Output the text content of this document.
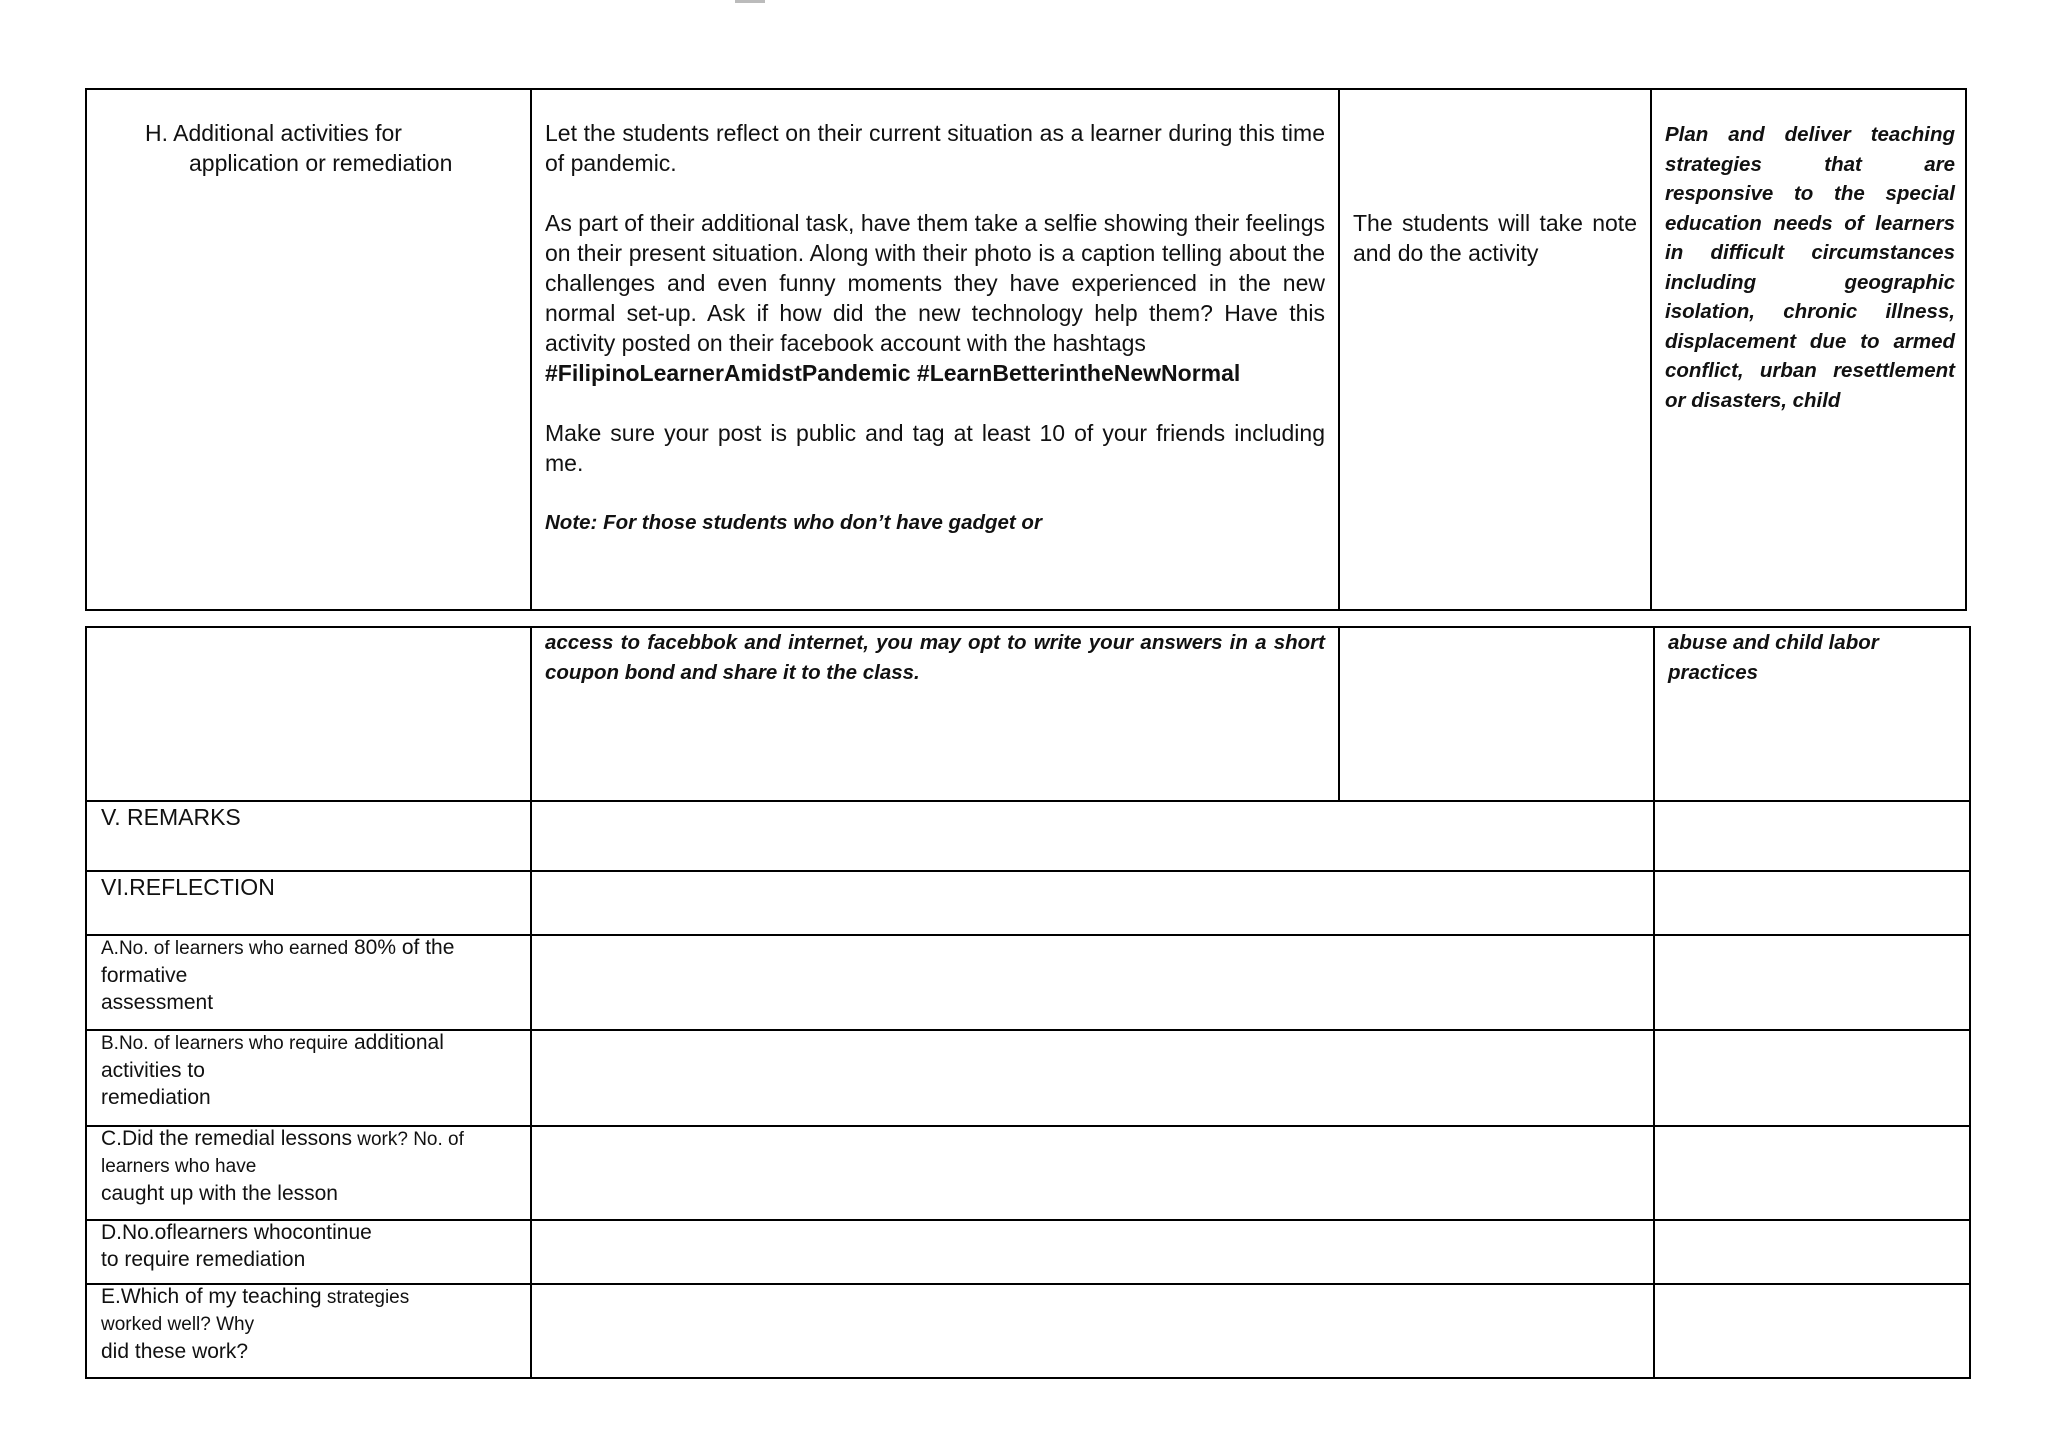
H. Additional activities for

application or remediation

Let the students reflect on their current situation as a learner during this time of pandemic.

As part of their additional task, have them take a selfie showing their feelings on their present situation. Along with their photo is a caption telling about the challenges and even funny moments they have experienced in the new normal set-up. Ask if how did the new technology help them? Have this activity posted on their facebook account with the hashtags

#FilipinoLearnerAmidstPandemic #LearnBetterintheNewNormal

Make sure your post is public and tag at least 10 of your friends including me.

Note: For those students who don’t have gadget or

The students will take note and do the activity

Plan and deliver teaching strategies that are responsive to the special education needs of learners in difficult circumstances including geographic isolation, chronic illness, displacement due to armed conflict, urban resettlement or disasters, child

access to facebbok and internet, you may opt to write your answers in a short coupon bond and share it to the class.

abuse and child labor practices

V. REMARKS

VI.REFLECTION

A.No. of learners who earned 80% of the

formative

assessment

B.No. of learners who require additional

activities to

remediation

C.Did the remedial lessons work? No. of

learners who have

caught up with the lesson

D.No.oflearners whocontinue

to require remediation

E.Which of my teaching strategies

worked well? Why

did these work?
